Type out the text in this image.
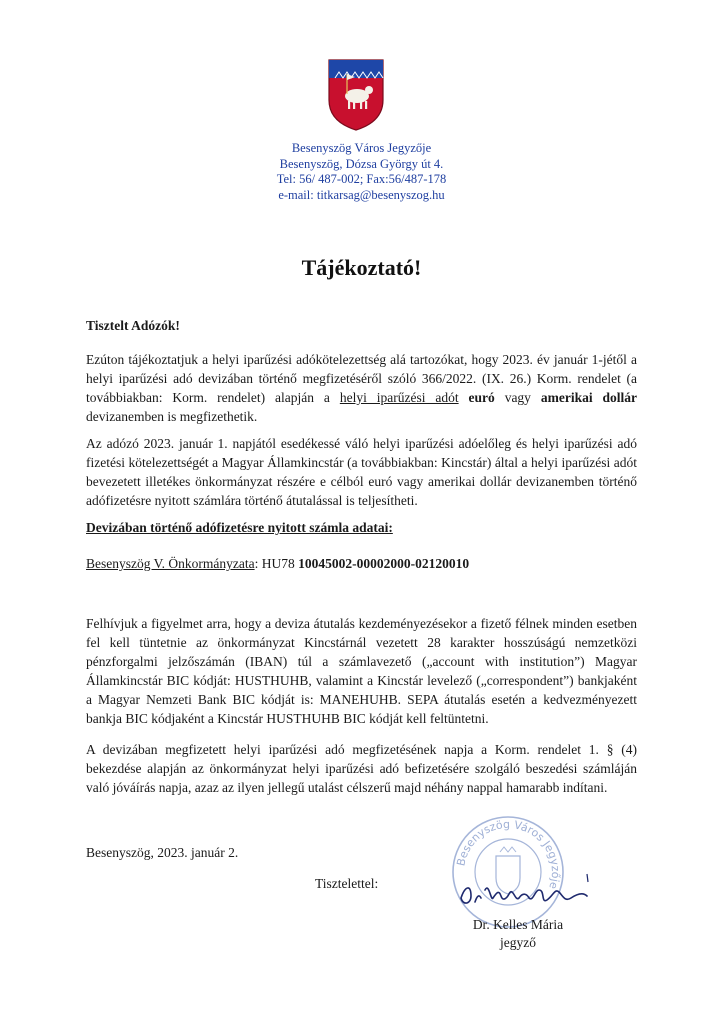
Besenyszög Város Jegyzője
Besenyszög, Dózsa György út 4.
Tel: 56/ 487-002; Fax:56/487-178
e-mail: titkarsag@besenyszog.hu
Tájékoztató!
Tisztelt Adózók!
Ezúton tájékoztatjuk a helyi iparűzési adókötelezettség alá tartozókat, hogy 2023. év január 1-jétől a helyi iparűzési adó devizában történő megfizetéséről szóló 366/2022. (IX. 26.) Korm. rendelet (a továbbiakban: Korm. rendelet) alapján a helyi iparűzési adót euró vagy amerikai dollár devizanemben is megfizethetik.
Az adózó 2023. január 1. napjától esedékessé váló helyi iparűzési adóelőleg és helyi iparűzési adó fizetési kötelezettségét a Magyar Államkincstár (a továbbiakban: Kincstár) által a helyi iparűzési adót bevezetett illetékes önkormányzat részére e célból euró vagy amerikai dollár devizanemben történő adófizetésre nyitott számlára történő átutalással is teljesítheti.
Devizában történő adófizetésre nyitott számla adatai:
Besenyszög V. Önkormányzata: HU78 10045002-00002000-02120010
Felhívjuk a figyelmet arra, hogy a deviza átutalás kezdeményezésekor a fizető félnek minden esetben fel kell tüntetnie az önkormányzat Kincstárnál vezetett 28 karakter hosszúságú nemzetközi pénzforgalmi jelzőszámán (IBAN) túl a számlavezető („account with institution”) Magyar Államkincstár BIC kódját: HUSTHUHB, valamint a Kincstár levelező („correspondent”) bankjaként a Magyar Nemzeti Bank BIC kódját is: MANEHUHB. SEPA átutalás esetén a kedvezményezett bankja BIC kódjaként a Kincstár HUSTHUHB BIC kódját kell feltüntetni.
A devizában megfizetett helyi iparűzési adó megfizetésének napja a Korm. rendelet 1. § (4) bekezdése alapján az önkormányzat helyi iparűzési adó befizetésére szolgáló beszedési számláján való jóváírás napja, azaz az ilyen jellegű utalást célszerű majd néhány nappal hamarabb indítani.
Besenyszög, 2023. január 2.
Besenyszög Város Jegyzője
Dr. Kelles
Tisztelettel:
Dr. Kelles Mária
jegyző
